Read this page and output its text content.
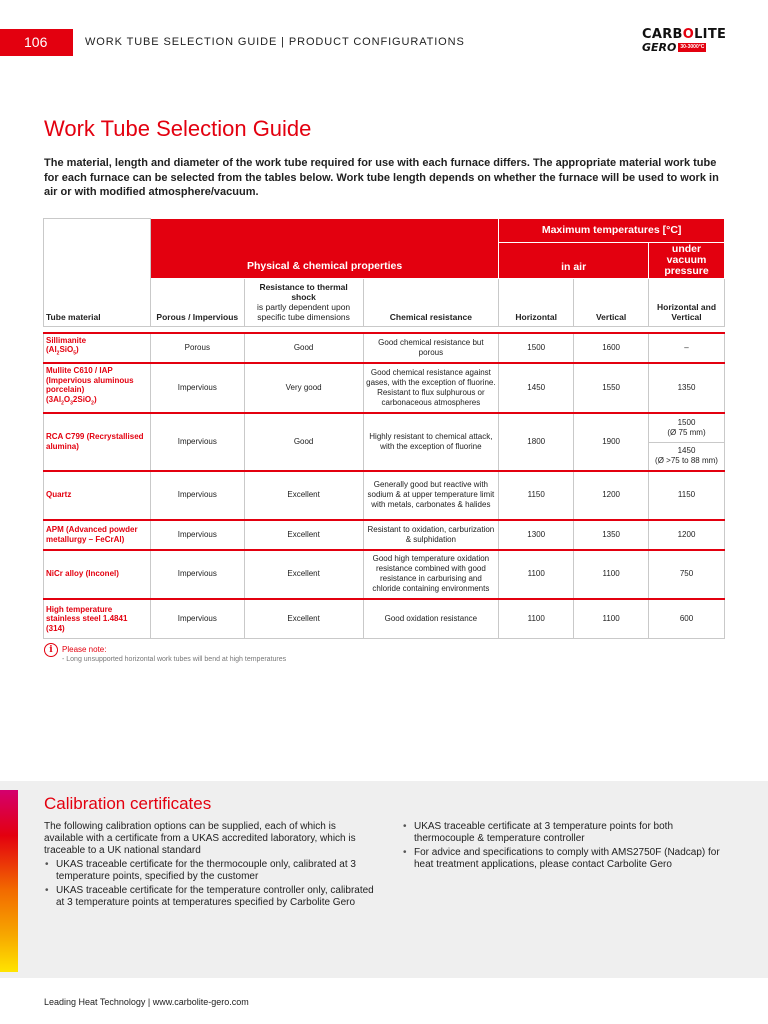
106	WORK TUBE SELECTION GUIDE | PRODUCT CONFIGURATIONS	CARBOLITE
GERO 30-3000°C
Work Tube Selection Guide

The material, length and diameter of the work tube required for use with each furnace differs. The appropriate material work tube for each furnace can be selected from the tables below. Work tube length depends on whether the furnace will be used to work in air or with modified atmosphere/vacuum.

Tube material	Physical & chemical properties			Maximum temperatures [°C]		
				in air		under vacuum pressure
	Porous / Impervious	Resistance to thermal shock
is partly dependent upon specific tube dimensions	Chemical resistance	Horizontal	Vertical	Horizontal and Vertical

Sillimanite
$(Al_2SiO_5)$	Porous	Good	Good chemical resistance but porous	1500	1600	–
Mullite C610 / IAP
(Impervious aluminous porcelain)
$(3Al_2O_32SiO_2)$	Impervious	Very good	Good chemical resistance against gases, with the exception of fluorine. Resistant to flux sulphurous or carbonaceous atmospheres	1450	1550	1350
RCA C799 (Recrystallised alumina)	Impervious	Good	Highly resistant to chemical attack, with the exception of fluorine	1800	1900	1500
(Ø 75 mm)
						1450
(Ø >75 to 88 mm)
Quartz	Impervious	Excellent	Generally good but reactive with sodium & at upper temperature limit with metals, carbonates & halides	1150	1200	1150
APM (Advanced powder metallurgy – FeCrAl)	Impervious	Excellent	Resistant to oxidation, carburization & sulphidation	1300	1350	1200
NiCr alloy (Inconel)	Impervious	Excellent	Good high temperature oxidation resistance combined with good resistance in carburising and chloride containing environments	1100	1100	750
High temperature stainless steel 1.4841 (314)	Impervious	Excellent	Good oxidation resistance	1100	1100	600
i	Please note:
- Long unsupported horizontal work tubes will bend at high temperatures
Calibration certificates

The following calibration options can be supplied, each of which is available with a certificate from a UKAS accredited laboratory, which is traceable to a UK national standard

• UKAS traceable certificate for the thermocouple only, calibrated at 3 temperature points, specified by the customer
• UKAS traceable certificate for the temperature controller only, calibrated at 3 temperature points at temperatures specified by Carbolite Gero
• UKAS traceable certificate at 3 temperature points for both thermocouple & temperature controller
• For advice and specifications to comply with AMS2750F (Nadcap) for heat treatment applications, please contact Carbolite Gero
Leading Heat Technology | www.carbolite-gero.com
